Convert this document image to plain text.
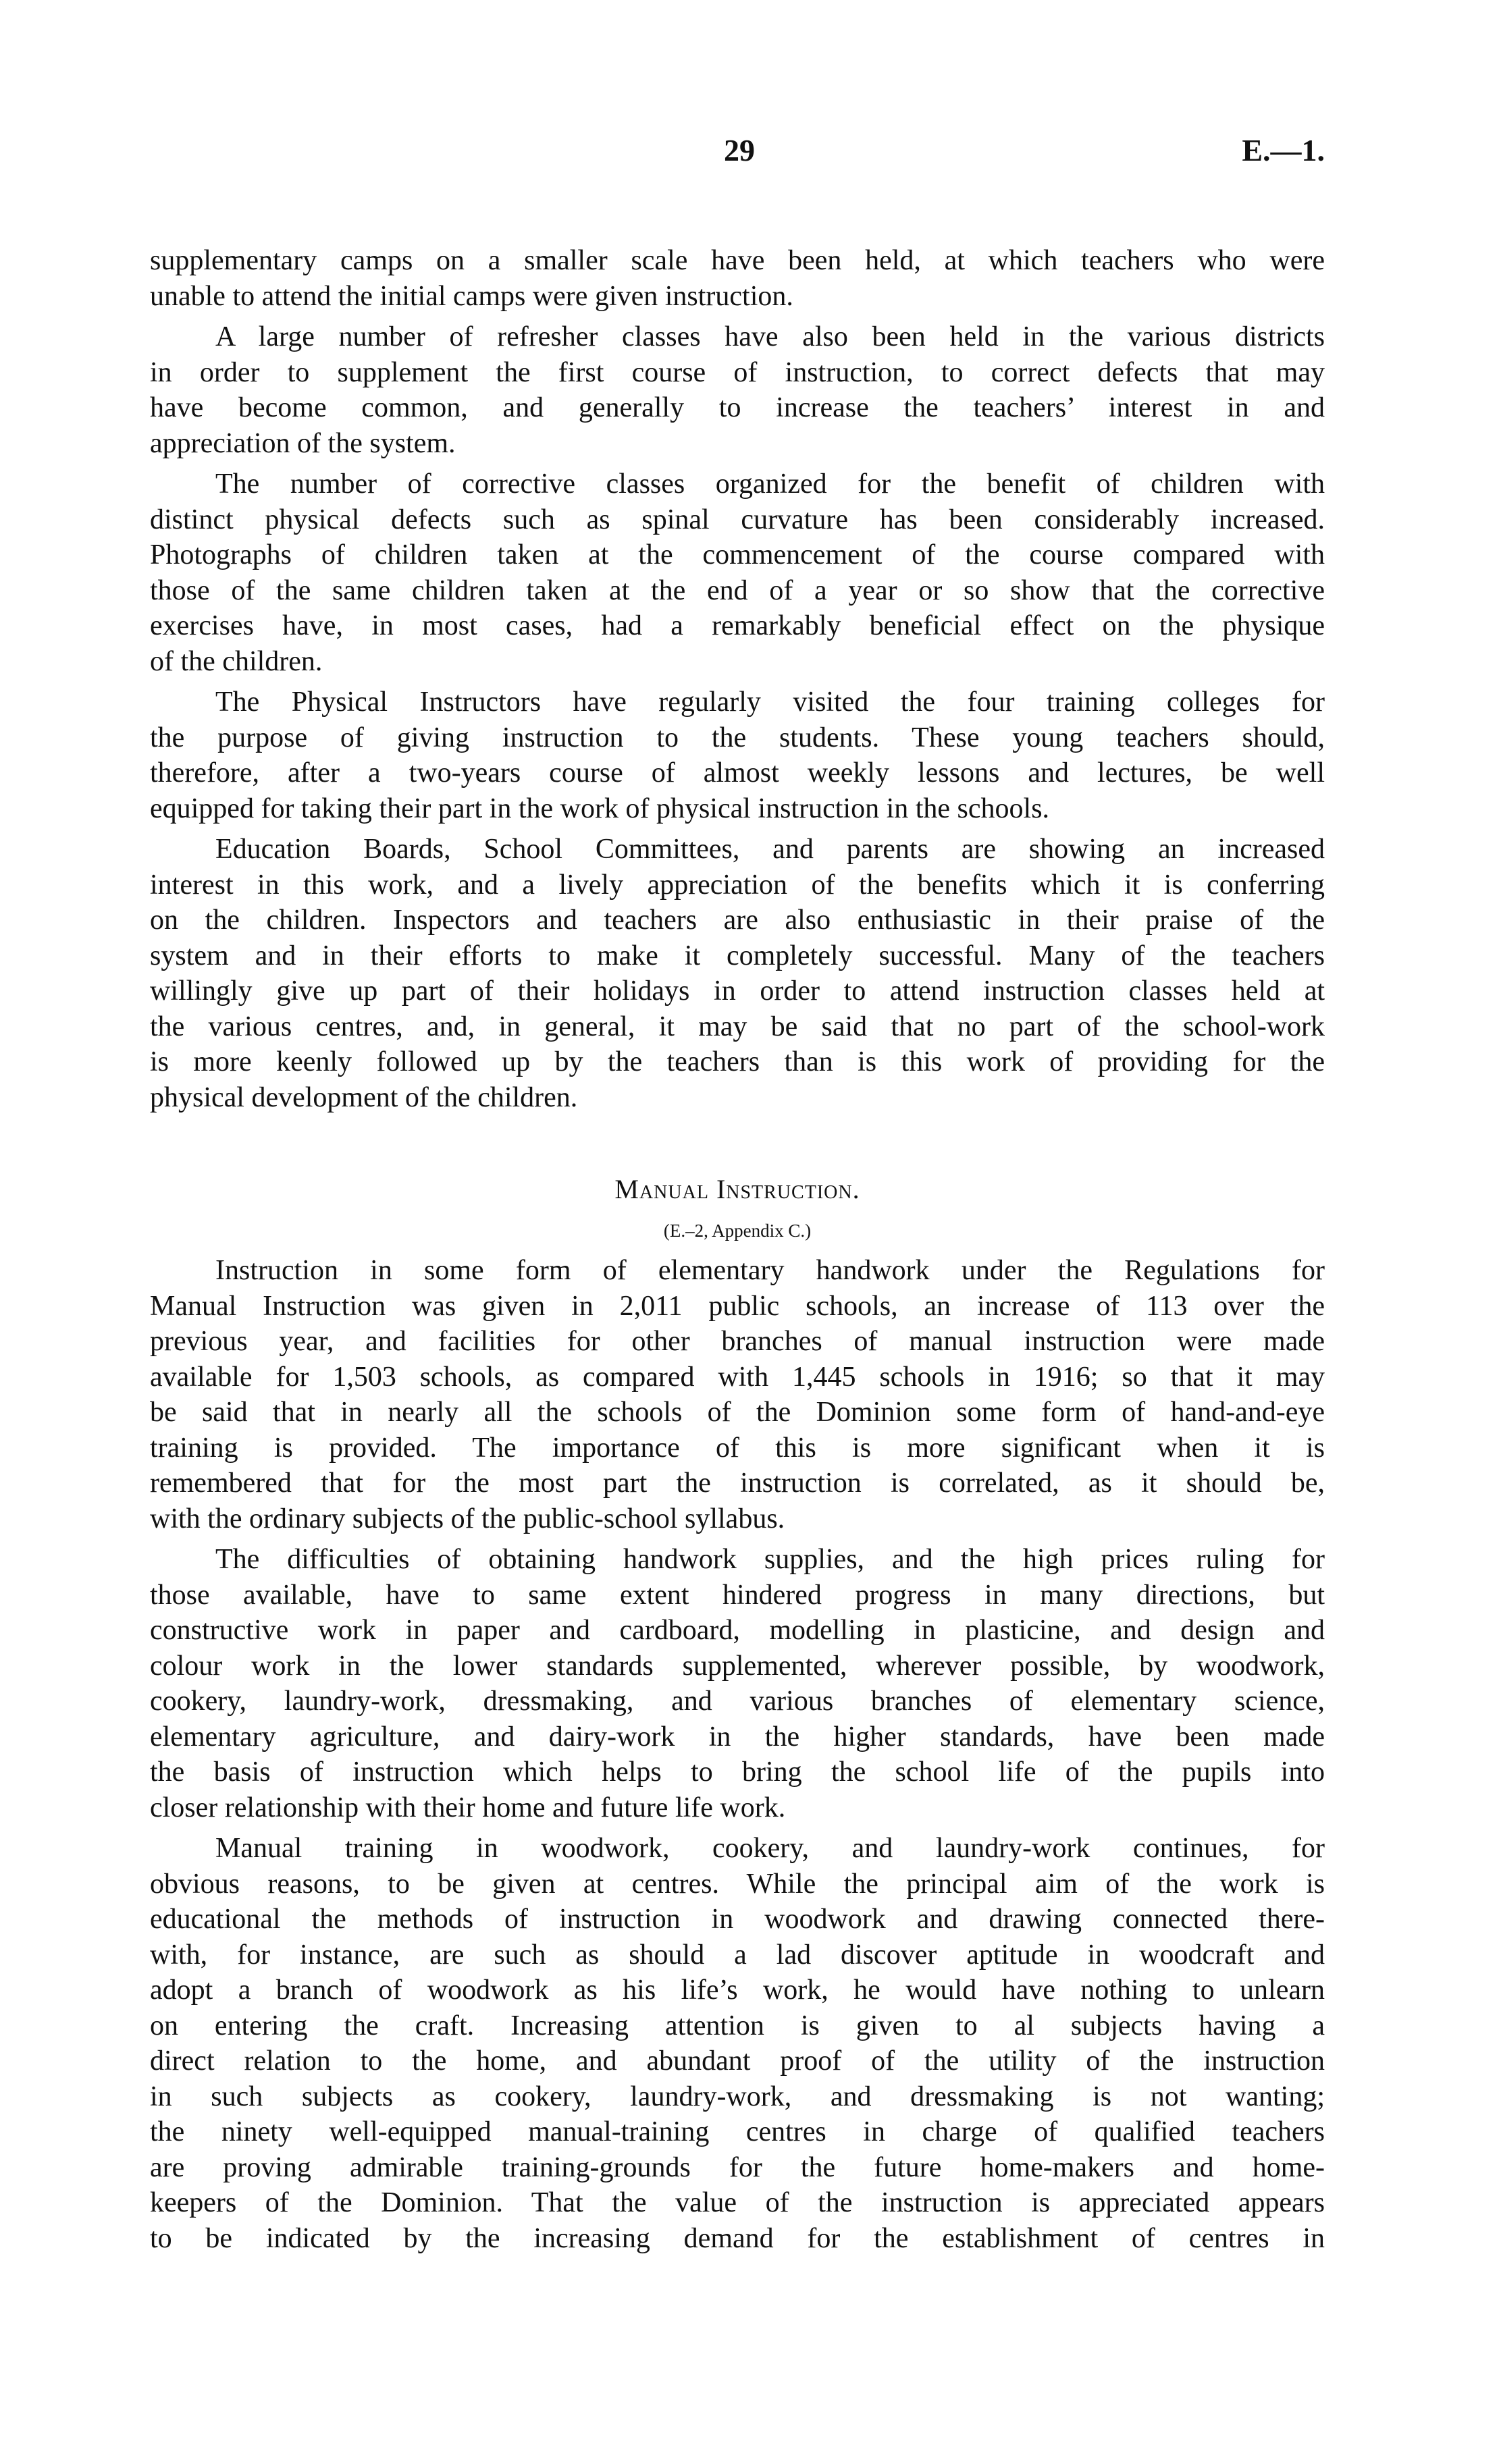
29	E.—1.
supplementary camps on a smaller scale have been held, at which teachers who were
unable to attend the initial camps were given instruction.
A large number of refresher classes have also been held in the various districts
in order to supplement the first course of instruction, to correct defects that may
have become common, and generally to increase the teachers’ interest in and
appreciation of the system.
The number of corrective classes organized for the benefit of children with
distinct physical defects such as spinal curvature has been considerably increased.
Photographs of children taken at the commencement of the course compared with
those of the same children taken at the end of a year or so show that the corrective
exercises have, in most cases, had a remarkably beneficial effect on the physique
of the children.
The Physical Instructors have regularly visited the four training colleges for
the purpose of giving instruction to the students. These young teachers should,
therefore, after a two-years course of almost weekly lessons and lectures, be well
equipped for taking their part in the work of physical instruction in the schools.
Education Boards, School Committees, and parents are showing an increased
interest in this work, and a lively appreciation of the benefits which it is conferring
on the children. Inspectors and teachers are also enthusiastic in their praise of the
system and in their efforts to make it completely successful. Many of the teachers
willingly give up part of their holidays in order to attend instruction classes held at
the various centres, and, in general, it may be said that no part of the school-work
is more keenly followed up by the teachers than is this work of providing for the
physical development of the children.
Manual Instruction.
(E.–2, Appendix C.)
Instruction in some form of elementary handwork under the Regulations for
Manual Instruction was given in 2,011 public schools, an increase of 113 over the
previous year, and facilities for other branches of manual instruction were made
available for 1,503 schools, as compared with 1,445 schools in 1916; so that it may
be said that in nearly all the schools of the Dominion some form of hand-and-eye
training is provided. The importance of this is more significant when it is
remembered that for the most part the instruction is correlated, as it should be,
with the ordinary subjects of the public-school syllabus.
The difficulties of obtaining handwork supplies, and the high prices ruling for
those available, have to same extent hindered progress in many directions, but
constructive work in paper and cardboard, modelling in plasticine, and design and
colour work in the lower standards supplemented, wherever possible, by woodwork,
cookery, laundry-work, dressmaking, and various branches of elementary science,
elementary agriculture, and dairy-work in the higher standards, have been made
the basis of instruction which helps to bring the school life of the pupils into
closer relationship with their home and future life work.
Manual training in woodwork, cookery, and laundry-work continues, for
obvious reasons, to be given at centres. While the principal aim of the work is
educational the methods of instruction in woodwork and drawing connected there-
with, for instance, are such as should a lad discover aptitude in woodcraft and
adopt a branch of woodwork as his life’s work, he would have nothing to unlearn
on entering the craft. Increasing attention is given to al subjects having a
direct relation to the home, and abundant proof of the utility of the instruction
in such subjects as cookery, laundry-work, and dressmaking is not wanting;
the ninety well-equipped manual-training centres in charge of qualified teachers
are proving admirable training-grounds for the future home-makers and home-
keepers of the Dominion. That the value of the instruction is appreciated appears
to be indicated by the increasing demand for the establishment of centres in
